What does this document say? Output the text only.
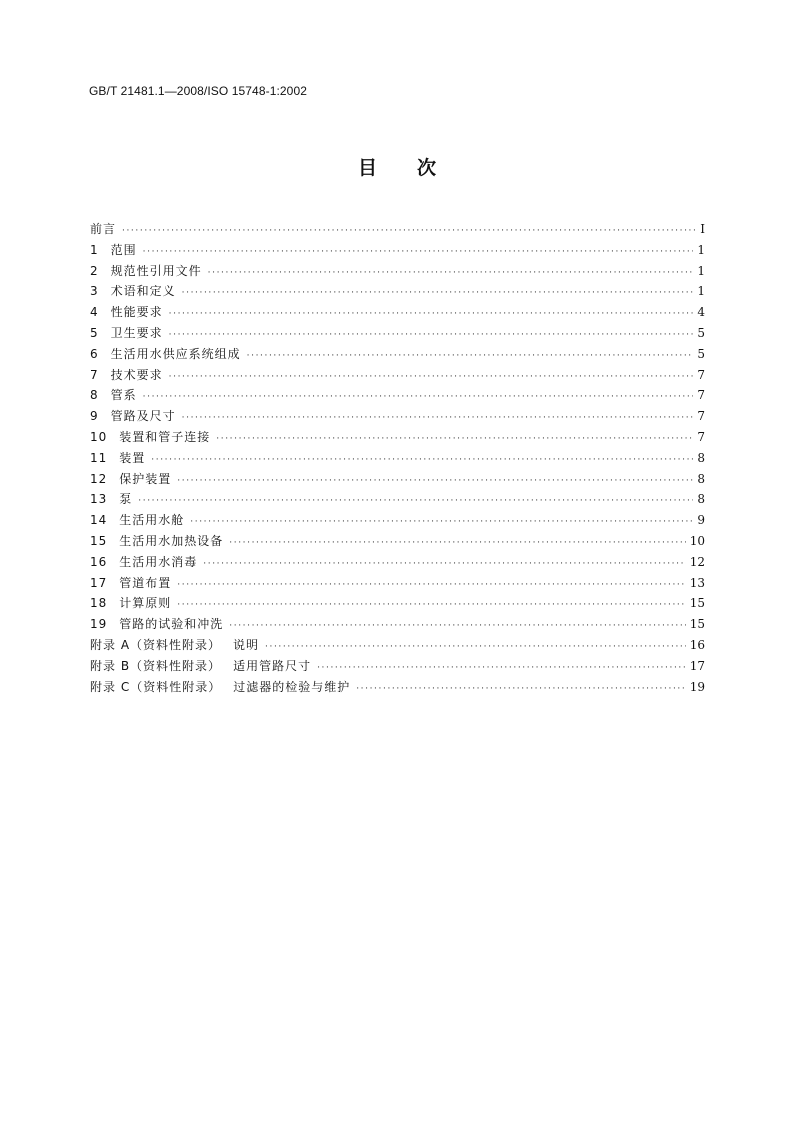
GB/T 21481.1—2008/ISO 15748-1:2002
目次
前言 ·····	I
1 范围 ·····	1
2 规范性引用文件 ·····	1
3 术语和定义 ·····	1
4 性能要求 ·····	4
5 卫生要求 ·····	5
6 生活用水供应系统组成 ·····	5
7 技术要求 ·····	7
8 管系 ·····	7
9 管路及尺寸 ·····	7
10 装置和管子连接 ·····	7
11 装置 ·····	8
12 保护装置 ·····	8
13 泵 ·····	8
14 生活用水舱 ·····	9
15 生活用水加热设备 ·····	10
16 生活用水消毒 ·····	12
17 管道布置 ·····	13
18 计算原则 ·····	15
19 管路的试验和冲洗 ·····	15
附录 A（资料性附录） 说明 ·····	16
附录 B（资料性附录） 适用管路尺寸 ·····	17
附录 C（资料性附录） 过滤器的检验与维护 ·····	19
